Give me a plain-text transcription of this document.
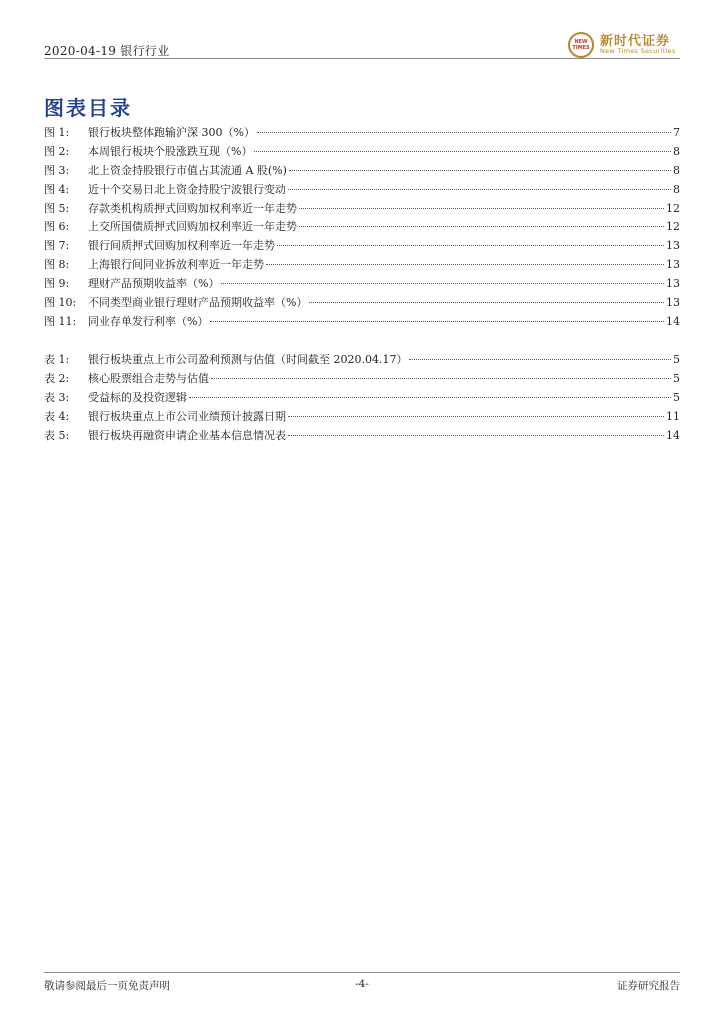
2020-04-19 银行行业
NEW
TIMES 新时代证券
New Times Securities
图表目录
图 1:	银行板块整体跑输沪深 300（%）	7
图 2:	本周银行板块个股涨跌互现（%）	8
图 3:	北上资金持股银行市值占其流通 A 股(%)	8
图 4:	近十个交易日北上资金持股宁波银行变动	8
图 5:	存款类机构质押式回购加权利率近一年走势	12
图 6:	上交所国债质押式回购加权利率近一年走势	12
图 7:	银行间质押式回购加权利率近一年走势	13
图 8:	上海银行间同业拆放利率近一年走势	13
图 9:	理财产品预期收益率（%）	13
图 10:	不同类型商业银行理财产品预期收益率（%）	13
图 11:	同业存单发行利率（%）	14
表 1:	银行板块重点上市公司盈利预测与估值（时间截至 2020.04.17）	5
表 2:	核心股票组合走势与估值	5
表 3:	受益标的及投资逻辑	5
表 4:	银行板块重点上市公司业绩预计披露日期	11
表 5:	银行板块再融资申请企业基本信息情况表	14
敬请参阅最后一页免责声明	-4-	证券研究报告
